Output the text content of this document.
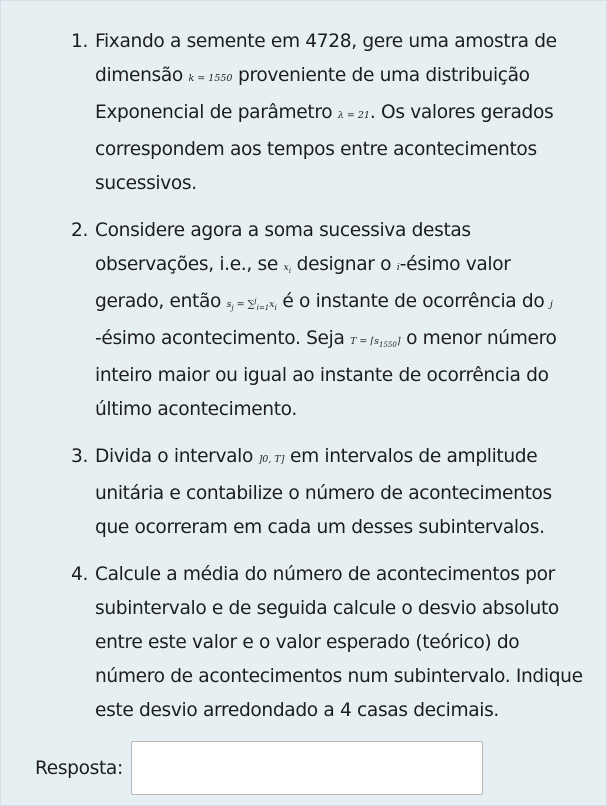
1. Fixando a semente em 4728, gere uma amostra de dimensão k = 1550 proveniente de uma distribuição Exponencial de parâmetro λ = 21. Os valores gerados correspondem aos tempos entre acontecimentos sucessivos.
2. Considere agora a soma sucessiva destas observações, i.e., se $x_i$ designar o i-ésimo valor gerado, então $s_j = \sum^j_{i=1}x_i$ é o instante de ocorrência do j -ésimo acontecimento. Seja $T = ⌈s_{1550}⌉$ o menor número inteiro maior ou igual ao instante de ocorrência do último acontecimento.
3. Divida o intervalo ]0, T] em intervalos de amplitude unitária e contabilize o número de acontecimentos que ocorreram em cada um desses subintervalos.
4. Calcule a média do número de acontecimentos por subintervalo e de seguida calcule o desvio absoluto entre este valor e o valor esperado (teórico) do número de acontecimentos num subintervalo. Indique este desvio arredondado a 4 casas decimais.
Resposta:
